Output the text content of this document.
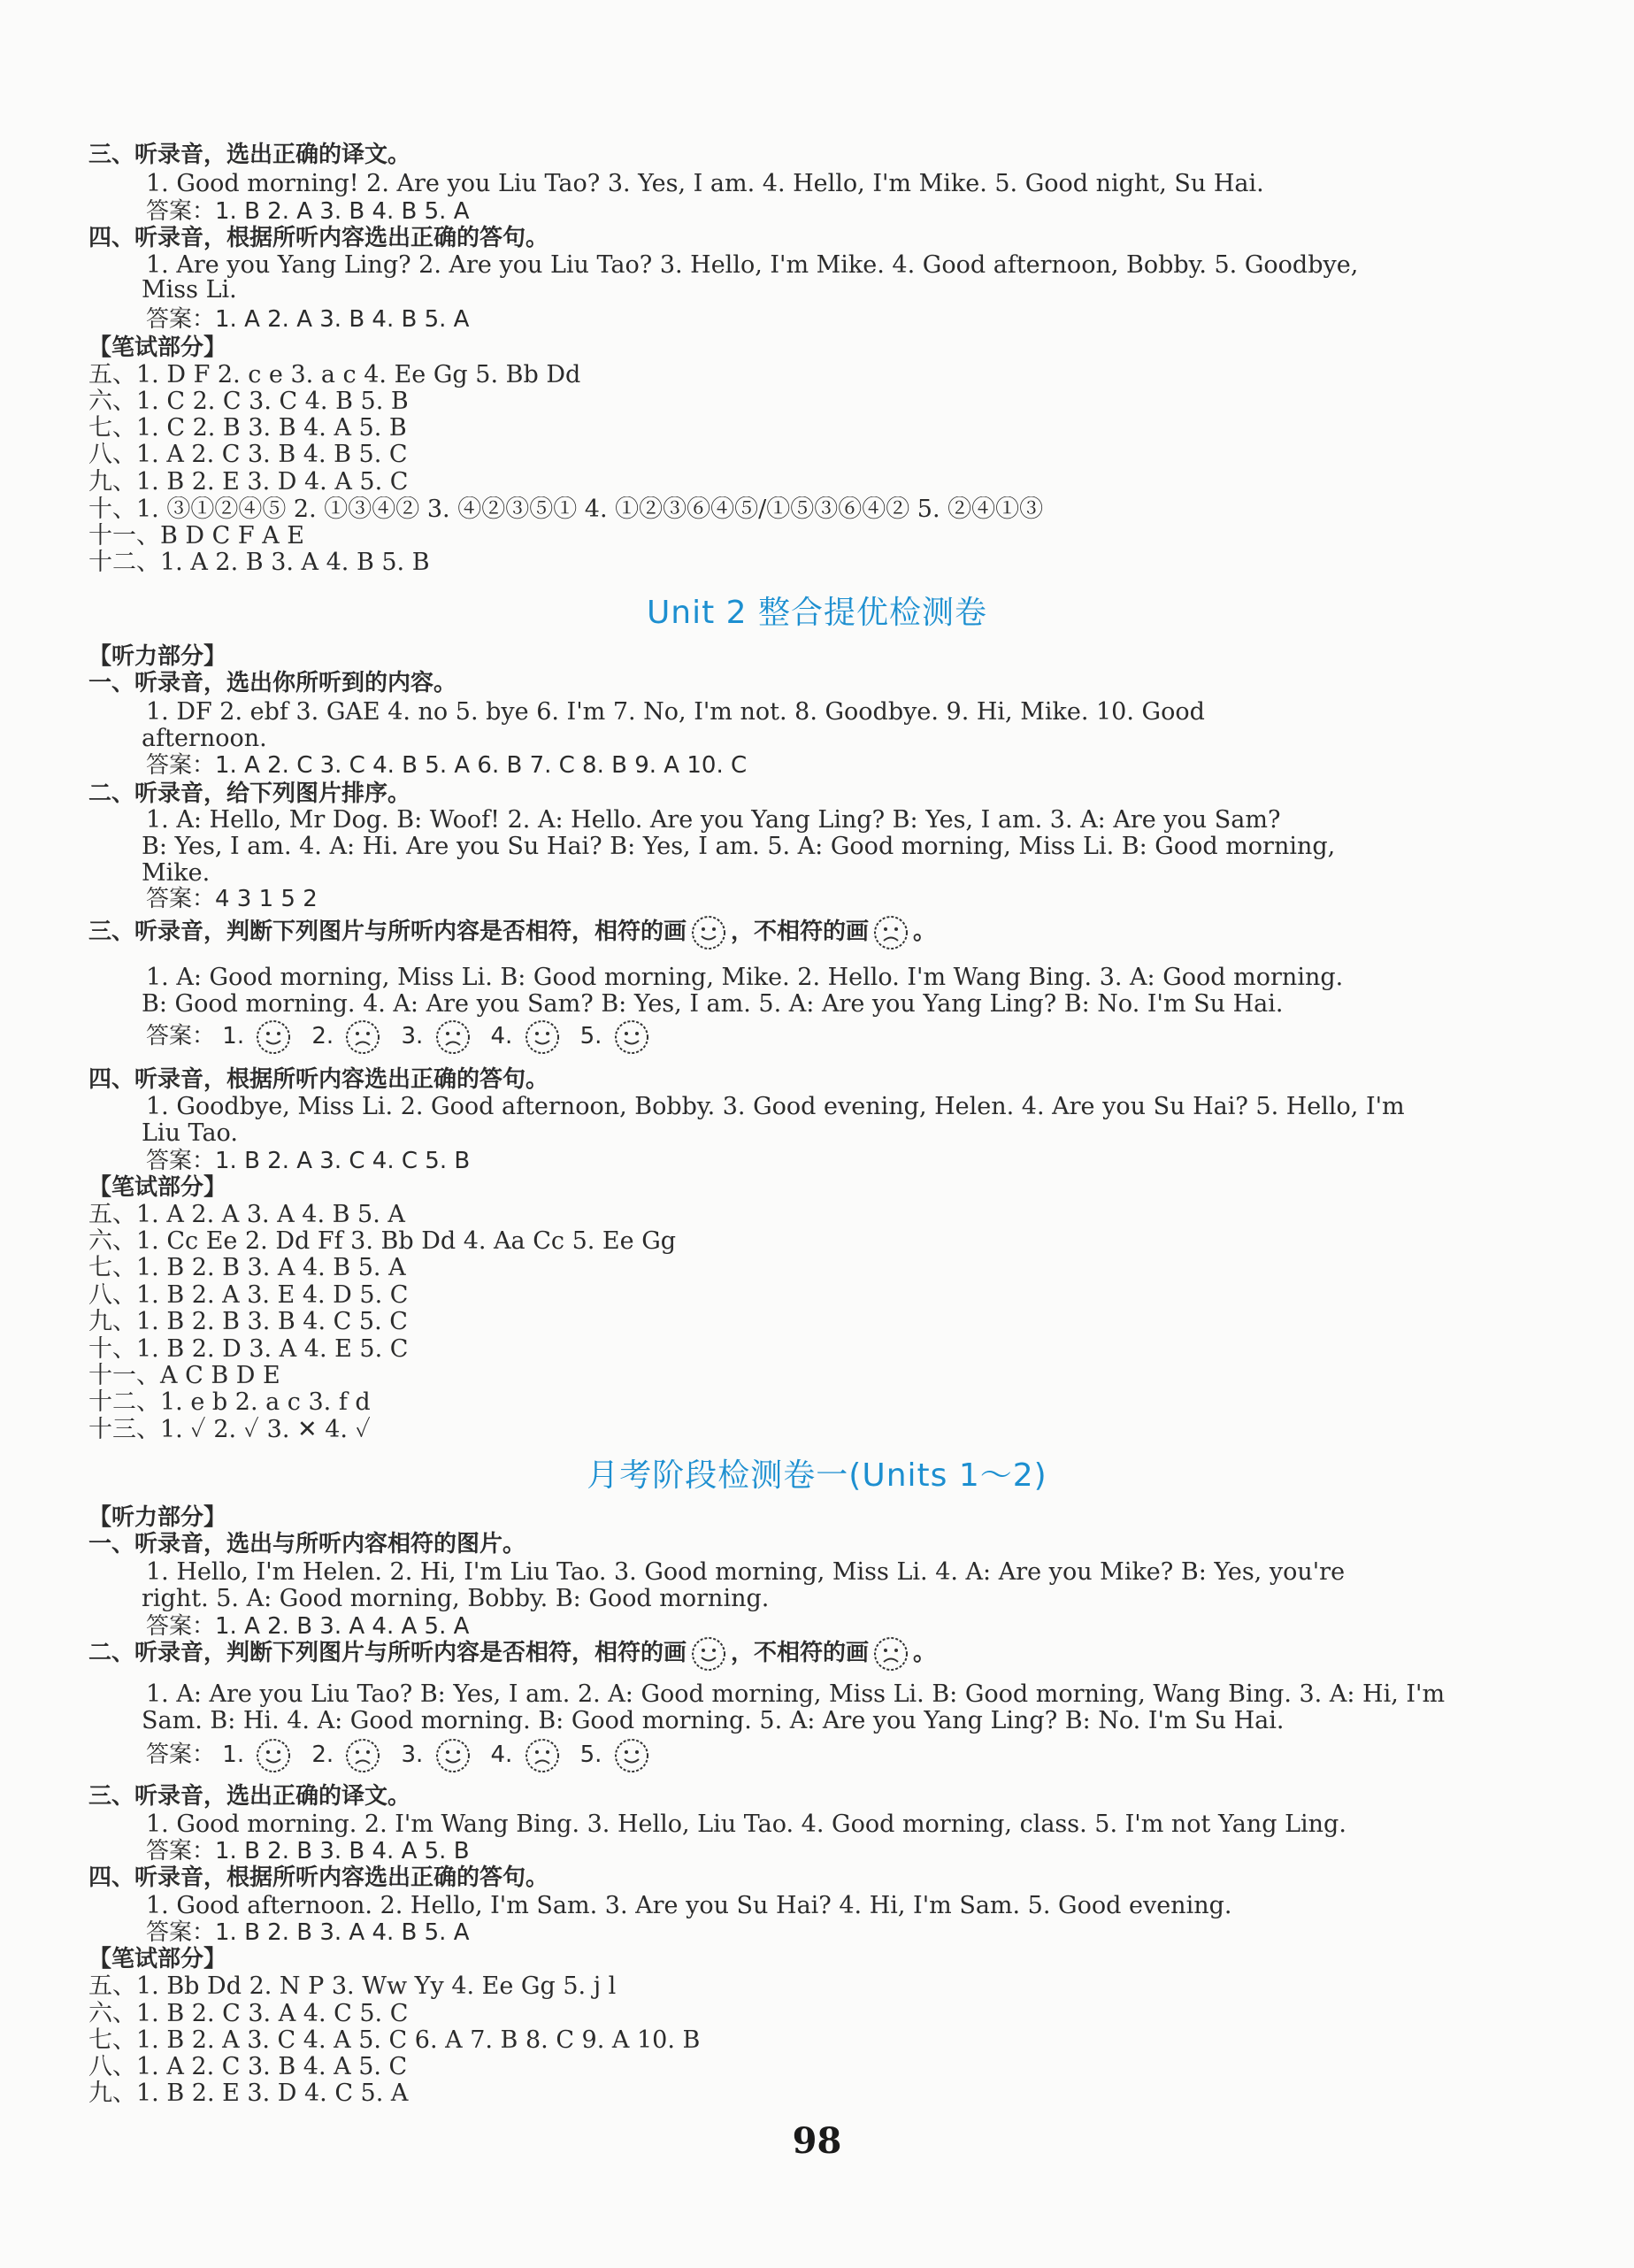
三、听录音，选出正确的译文。
1. Good morning! 2. Are you Liu Tao? 3. Yes, I am. 4. Hello, I'm Mike. 5. Good night, Su Hai.
答案：1. B 2. A 3. B 4. B 5. A
四、听录音，根据所听内容选出正确的答句。
1. Are you Yang Ling? 2. Are you Liu Tao? 3. Hello, I'm Mike. 4. Good afternoon, Bobby. 5. Goodbye,
Miss Li.
答案：1. A 2. A 3. B 4. B 5. A
【笔试部分】
五、1. D F 2. c e 3. a c 4. Ee Gg 5. Bb Dd
六、1. C 2. C 3. C 4. B 5. B
七、1. C 2. B 3. B 4. A 5. B
八、1. A 2. C 3. B 4. B 5. C
九、1. B 2. E 3. D 4. A 5. C
十、1. ③①②④⑤ 2. ①③④② 3. ④②③⑤① 4. ①②③⑥④⑤/①⑤③⑥④② 5. ②④①③
十一、B D C F A E
十二、1. A 2. B 3. A 4. B 5. B
Unit 2 整合提优检测卷
【听力部分】
一、听录音，选出你所听到的内容。
1. DF 2. ebf 3. GAE 4. no 5. bye 6. I'm 7. No, I'm not. 8. Goodbye. 9. Hi, Mike. 10. Good
afternoon.
答案：1. A 2. C 3. C 4. B 5. A 6. B 7. C 8. B 9. A 10. C
二、听录音，给下列图片排序。
1. A: Hello, Mr Dog. B: Woof! 2. A: Hello. Are you Yang Ling? B: Yes, I am. 3. A: Are you Sam?
B: Yes, I am. 4. A: Hi. Are you Su Hai? B: Yes, I am. 5. A: Good morning, Miss Li. B: Good morning,
Mike.
答案：4 3 1 5 2
三、听录音，判断下列图片与所听内容是否相符，相符的画 ，不相符的画 。
1. A: Good morning, Miss Li. B: Good morning, Mike. 2. Hello. I'm Wang Bing. 3. A: Good morning.
B: Good morning. 4. A: Are you Sam? B: Yes, I am. 5. A: Are you Yang Ling? B: No. I'm Su Hai.
答案： 1.	2.	3.	4.	5.
四、听录音，根据所听内容选出正确的答句。
1. Goodbye, Miss Li. 2. Good afternoon, Bobby. 3. Good evening, Helen. 4. Are you Su Hai? 5. Hello, I'm
Liu Tao.
答案：1. B 2. A 3. C 4. C 5. B
【笔试部分】
五、1. A 2. A 3. A 4. B 5. A
六、1. Cc Ee 2. Dd Ff 3. Bb Dd 4. Aa Cc 5. Ee Gg
七、1. B 2. B 3. A 4. B 5. A
八、1. B 2. A 3. E 4. D 5. C
九、1. B 2. B 3. B 4. C 5. C
十、1. B 2. D 3. A 4. E 5. C
十一、A C B D E
十二、1. e b 2. a c 3. f d
十三、1. ✓ 2. ✓ 3. ✕ 4. ✓
月考阶段检测卷一(Units 1～2)
【听力部分】
一、听录音，选出与所听内容相符的图片。
1. Hello, I'm Helen. 2. Hi, I'm Liu Tao. 3. Good morning, Miss Li. 4. A: Are you Mike? B: Yes, you're
right. 5. A: Good morning, Bobby. B: Good morning.
答案：1. A 2. B 3. A 4. A 5. A
二、听录音，判断下列图片与所听内容是否相符，相符的画 ，不相符的画 。
1. A: Are you Liu Tao? B: Yes, I am. 2. A: Good morning, Miss Li. B: Good morning, Wang Bing. 3. A: Hi, I'm
Sam. B: Hi. 4. A: Good morning. B: Good morning. 5. A: Are you Yang Ling? B: No. I'm Su Hai.
答案： 1.	2.	3.	4.	5.
三、听录音，选出正确的译文。
1. Good morning. 2. I'm Wang Bing. 3. Hello, Liu Tao. 4. Good morning, class. 5. I'm not Yang Ling.
答案：1. B 2. B 3. B 4. A 5. B
四、听录音，根据所听内容选出正确的答句。
1. Good afternoon. 2. Hello, I'm Sam. 3. Are you Su Hai? 4. Hi, I'm Sam. 5. Good evening.
答案：1. B 2. B 3. A 4. B 5. A
【笔试部分】
五、1. Bb Dd 2. N P 3. Ww Yy 4. Ee Gg 5. j l
六、1. B 2. C 3. A 4. C 5. C
七、1. B 2. A 3. C 4. A 5. C 6. A 7. B 8. C 9. A 10. B
八、1. A 2. C 3. B 4. A 5. C
九、1. B 2. E 3. D 4. C 5. A
98
